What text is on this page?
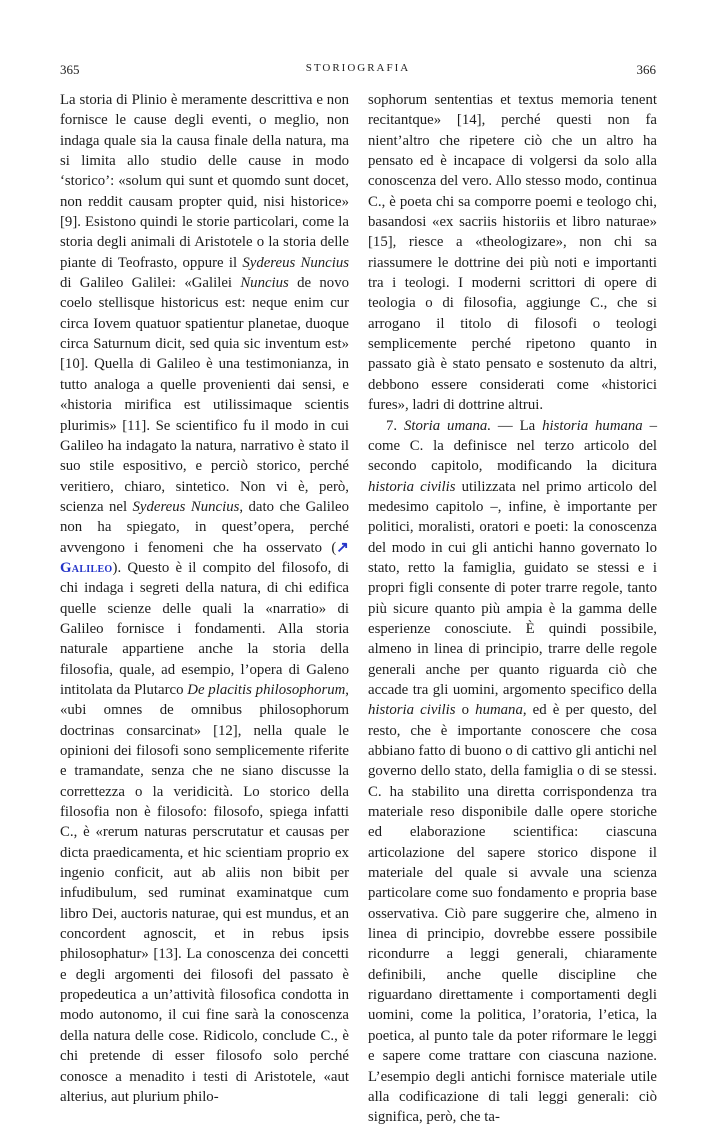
365	STORIOGRAFIA	366

La storia di Plinio è meramente descrittiva e non fornisce le cause degli eventi, o meglio, non indaga quale sia la causa finale della natura, ma si limita allo studio delle cause in modo ‘storico’: «solum qui sunt et quomdo sunt docet, non reddit causam propter quid, nisi historice» [9]. Esistono quindi le storie particolari, come la storia degli animali di Aristotele o la storia delle piante di Teofrasto, oppure il Sydereus Nuncius di Galileo Galilei: «Galilei Nuncius de novo coelo stellisque historicus est: neque enim cur circa Iovem quatuor spatientur planetae, duoque circa Saturnum dicit, sed quia sic inventum est» [10]. Quella di Galileo è una testimonianza, in tutto analoga a quelle provenienti dai sensi, e «historia mirifica est utilissimaque scientis plurimis» [11]. Se scientifico fu il modo in cui Galileo ha indagato la natura, narrativo è stato il suo stile espositivo, e perciò storico, perché veritiero, chiaro, sintetico. Non vi è, però, scienza nel Sydereus Nuncius, dato che Galileo non ha spiegato, in quest’opera, perché avvengono i fenomeni che ha osservato (↗ Galileo). Questo è il compito del filosofo, di chi indaga i segreti della natura, di chi edifica quelle scienze delle quali la «narratio» di Galileo fornisce i fondamenti. Alla storia naturale appartiene anche la storia della filosofia, quale, ad esempio, l’opera di Galeno intitolata da Plutarco De placitis philosophorum, «ubi omnes de omnibus philosophorum doctrinas consarcinat» [12], nella quale le opinioni dei filosofi sono semplicemente riferite e tramandate, senza che ne siano discusse la correttezza o la veridicità. Lo storico della filosofia non è filosofo: filosofo, spiega infatti C., è «rerum naturas perscrutatur et causas per dicta praedicamenta, et hic scientiam proprio ex ingenio conficit, aut ab aliis non bibit per infudibulum, sed ruminat examinatque cum libro Dei, auctoris naturae, qui est mundus, et an concordent agnoscit, et in rebus ipsis philosophatur» [13]. La conoscenza dei concetti e degli argomenti dei filosofi del passato è propedeutica a un’attività filosofica condotta in modo autonomo, il cui fine sarà la conoscenza della natura delle cose. Ridicolo, conclude C., è chi pretende di esser filosofo solo perché conosce a menadito i testi di Aristotele, «aut alterius, aut plurium philo-

sophorum sententias et textus memoria tenent recitantque» [14], perché questi non fa nient’altro che ripetere ciò che un altro ha pensato ed è incapace di volgersi da solo alla conoscenza del vero. Allo stesso modo, continua C., è poeta chi sa comporre poemi e teologo chi, basandosi «ex sacriis historiis et libro naturae» [15], riesce a «theologizare», non chi sa riassumere le dottrine dei più noti e importanti tra i teologi. I moderni scrittori di opere di teologia o di filosofia, aggiunge C., che si arrogano il titolo di filosofi o teologi semplicemente perché ripetono quanto in passato già è stato pensato e sostenuto da altri, debbono essere considerati come «historici fures», ladri di dottrine altrui.

7. Storia umana. — La historia humana – come C. la definisce nel terzo articolo del secondo capitolo, modificando la dicitura historia civilis utilizzata nel primo articolo del medesimo capitolo –, infine, è importante per politici, moralisti, oratori e poeti: la conoscenza del modo in cui gli antichi hanno governato lo stato, retto la famiglia, guidato se stessi e i propri figli consente di poter trarre regole, tanto più sicure quanto più ampia è la gamma delle esperienze conosciute. È quindi possibile, almeno in linea di principio, trarre delle regole generali anche per quanto riguarda ciò che accade tra gli uomini, argomento specifico della historia civilis o humana, ed è per questo, del resto, che è importante conoscere che cosa abbiano fatto di buono o di cattivo gli antichi nel governo dello stato, della famiglia o di se stessi. C. ha stabilito una diretta corrispondenza tra materiale reso disponibile dalle opere storiche ed elaborazione scientifica: ciascuna articolazione del sapere storico dispone il materiale del quale si avvale una scienza particolare come suo fondamento e propria base osservativa. Ciò pare suggerire che, almeno in linea di principio, dovrebbe essere possibile ricondurre a leggi generali, chiaramente definibili, anche quelle discipline che riguardano direttamente i comportamenti degli uomini, come la politica, l’oratoria, l’etica, la poetica, al punto tale da poter riformare le leggi e sapere come trattare con ciascuna nazione. L’esempio degli antichi fornisce materiale utile alla codificazione di tali leggi generali: ciò significa, però, che ta-
